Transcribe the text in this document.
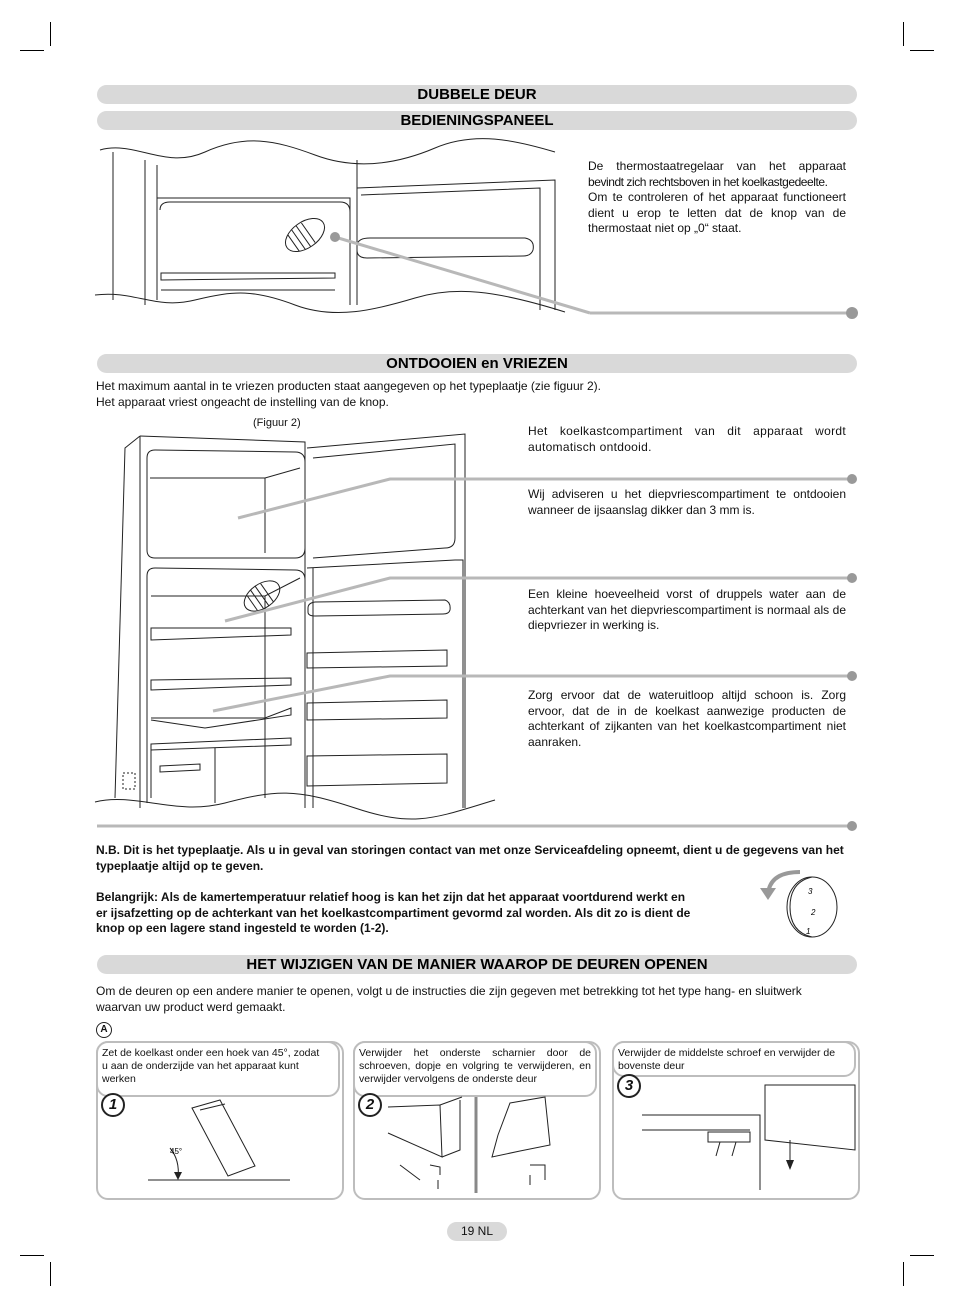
DUBBELE DEUR
BEDIENINGSPANEEL
De thermostaatregelaar van het apparaat
bevindt zich rechtsboven in het koelkastgedeelte.
Om te controleren of het apparaat functioneert
dient u erop te letten dat de knop van de
thermostaat niet op „0“ staat.
ONTDOOIEN en VRIEZEN
Het maximum aantal in te vriezen producten staat aangegeven op het typeplaatje (zie figuur 2).
Het apparaat vriest ongeacht de instelling van de knop.
(Figuur 2)
Het koelkastcompartiment van dit apparaat wordt automatisch ontdooid.
Wij adviseren u het diepvriescompartiment te ontdooien wanneer de ijsaanslag dikker dan 3 mm is.
Een kleine hoeveelheid vorst of druppels water aan de achterkant van het diepvriescompartiment is normaal als de diepvriezer in werking is.
Zorg ervoor dat de wateruitloop altijd schoon is. Zorg ervoor, dat de in de koelkast aanwezige producten de achterkant of zijkanten van het koelkastcompartiment niet aanraken.
N.B. Dit is het typeplaatje. Als u in geval van storingen contact van met onze Serviceafdeling opneemt, dient u de gegevens van het typeplaatje altijd op te geven.
Belangrijk: Als de kamertemperatuur relatief hoog is kan het zijn dat het apparaat voortdurend werkt en
er ijsafzetting op de achterkant van het koelkastcompartiment gevormd zal worden. Als dit zo is dient de
knop op een lagere stand ingesteld te worden (1-2).
3
2
1
HET WIJZIGEN VAN DE MANIER WAAROP DE DEUREN OPENEN
Om de deuren op een andere manier te openen, volgt u de instructies die zijn gegeven met betrekking tot het type hang- en sluitwerk
waarvan uw product werd gemaakt.
A
Zet de koelkast onder een hoek van 45°, zodat u aan de onderzijde van het apparaat kunt werken
1
45°
Verwijder het onderste scharnier door de schroeven, dopje en volgring te verwijderen, en verwijder vervolgens de onderste deur
2
Verwijder de middelste schroef en verwijder de bovenste deur
3
19 NL
